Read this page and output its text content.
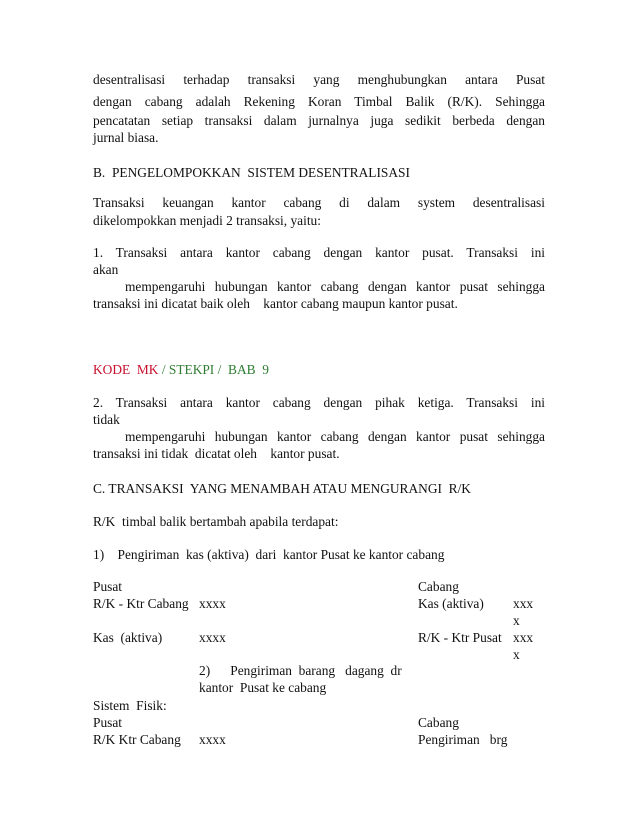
desentralisasi terhadap transaksi yang menghubungkan antara Pusat
dengan cabang adalah Rekening Koran Timbal Balik (R/K). Sehingga
pencatatan setiap transaksi dalam jurnalnya juga sedikit berbeda dengan
jurnal biasa.
B.  PENGELOMPOKKAN  SISTEM DESENTRALISASI
Transaksi keuangan kantor cabang di dalam system desentralisasi
dikelompokkan menjadi 2 transaksi, yaitu:
1. Transaksi antara kantor cabang dengan kantor pusat. Transaksi ini
akan
mempengaruhi hubungan kantor cabang dengan kantor pusat sehingga
transaksi ini dicatat baik oleh    kantor cabang maupun kantor pusat.
KODE  MK / STEKPI /  BAB  9
2. Transaksi antara kantor cabang dengan pihak ketiga. Transaksi ini
tidak
mempengaruhi hubungan kantor cabang dengan kantor pusat sehingga
transaksi ini tidak  dicatat oleh    kantor pusat.
C. TRANSAKSI  YANG MENAMBAH ATAU MENGURANGI  R/K
R/K  timbal balik bertambah apabila terdapat:
1)    Pengiriman  kas (aktiva)  dari  kantor Pusat ke kantor cabang
Pusat	Cabang
R/K - Ktr Cabang xxxx	Kas (aktiva) xxx
x
Kas  (aktiva)	xxxx	R/K - Ktr Pusat xxx
x
2)      Pengiriman  barang   dagang  dr
kantor  Pusat ke cabang
Sistem  Fisik:
Pusat	Cabang
R/K Ktr Cabang xxxx	Pengiriman   brg
